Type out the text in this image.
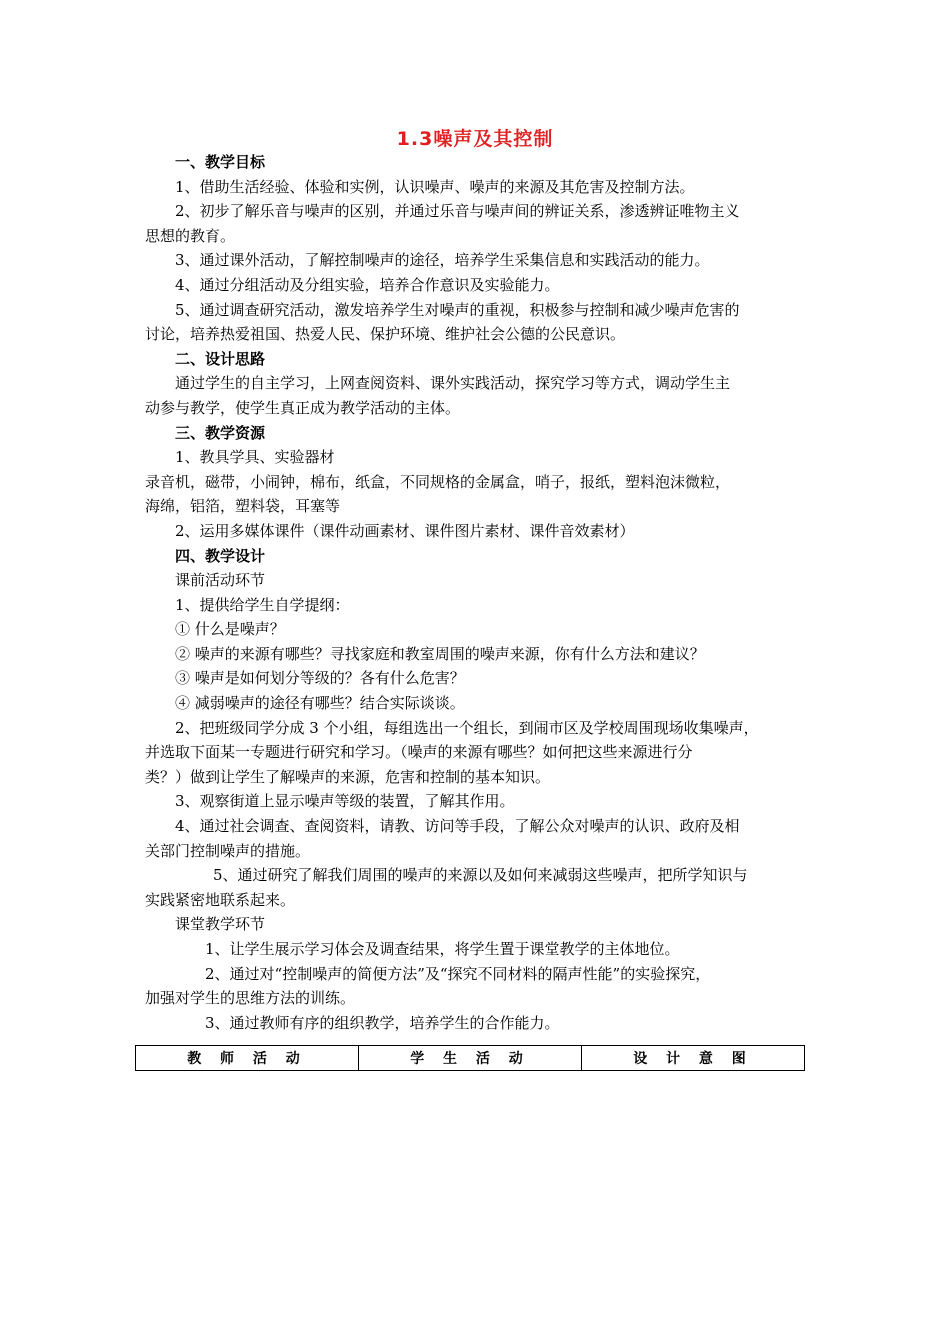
1.3噪声及其控制
一、教学目标
1、借助生活经验、体验和实例，认识噪声、噪声的来源及其危害及控制方法。
2、初步了解乐音与噪声的区别，并通过乐音与噪声间的辨证关系，渗透辨证唯物主义
思想的教育。
3、通过课外活动，了解控制噪声的途径，培养学生采集信息和实践活动的能力。
4、通过分组活动及分组实验，培养合作意识及实验能力。
5、通过调查研究活动，激发培养学生对噪声的重视，积极参与控制和减少噪声危害的
讨论，培养热爱祖国、热爱人民、保护环境、维护社会公德的公民意识。
二、设计思路
通过学生的自主学习，上网查阅资料、课外实践活动，探究学习等方式，调动学生主
动参与教学，使学生真正成为教学活动的主体。
三、教学资源
1、教具学具、实验器材
录音机，磁带，小闹钟，棉布，纸盒，不同规格的金属盒，哨子，报纸，塑料泡沫微粒，
海绵，铝箔，塑料袋，耳塞等
2、运用多媒体课件（课件动画素材、课件图片素材、课件音效素材）
四、教学设计
课前活动环节
1、提供给学生自学提纲：
① 什么是噪声？
② 噪声的来源有哪些？寻找家庭和教室周围的噪声来源，你有什么方法和建议？
③ 噪声是如何划分等级的？各有什么危害？
④ 减弱噪声的途径有哪些？结合实际谈谈。
2、把班级同学分成 3 个小组，每组选出一个组长，到闹市区及学校周围现场收集噪声，
并选取下面某一专题进行研究和学习。（噪声的来源有哪些？如何把这些来源进行分
类？）做到让学生了解噪声的来源，危害和控制的基本知识。
3、观察街道上显示噪声等级的装置，了解其作用。
4、通过社会调查、查阅资料，请教、访问等手段，了解公众对噪声的认识、政府及相
关部门控制噪声的措施。
5、通过研究了解我们周围的噪声的来源以及如何来减弱这些噪声，把所学知识与
实践紧密地联系起来。
课堂教学环节
1、让学生展示学习体会及调查结果，将学生置于课堂教学的主体地位。
2、通过对“控制噪声的简便方法”及“探究不同材料的隔声性能”的实验探究，
加强对学生的思维方法的训练。
3、通过教师有序的组织教学，培养学生的合作能力。
教 师 活 动	学 生 活 动	设 计 意 图
